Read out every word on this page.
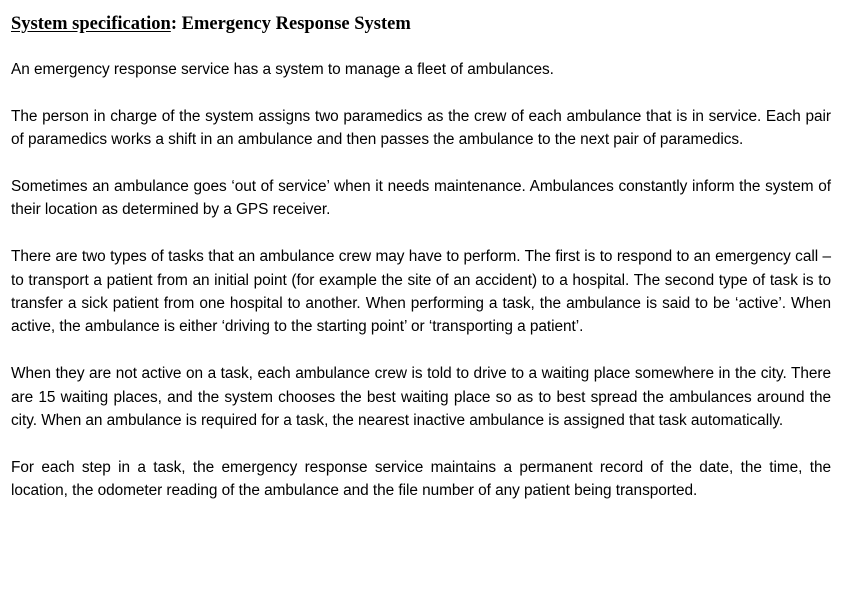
System specification: Emergency Response System

An emergency response service has a system to manage a fleet of ambulances.

The person in charge of the system assigns two paramedics as the crew of each ambulance that is in service. Each pair of paramedics works a shift in an ambulance and then passes the ambulance to the next pair of paramedics.

Sometimes an ambulance goes ‘out of service’ when it needs maintenance. Ambulances constantly inform the system of their location as determined by a GPS receiver.

There are two types of tasks that an ambulance crew may have to perform. The first is to respond to an emergency call – to transport a patient from an initial point (for example the site of an accident) to a hospital. The second type of task is to transfer a sick patient from one hospital to another. When performing a task, the ambulance is said to be ‘active’. When active, the ambulance is either ‘driving to the starting point’ or ‘transporting a patient’.

When they are not active on a task, each ambulance crew is told to drive to a waiting place somewhere in the city. There are 15 waiting places, and the system chooses the best waiting place so as to best spread the ambulances around the city. When an ambulance is required for a task, the nearest inactive ambulance is assigned that task automatically.

For each step in a task, the emergency response service maintains a permanent record of the date, the time, the location, the odometer reading of the ambulance and the file number of any patient being transported.
